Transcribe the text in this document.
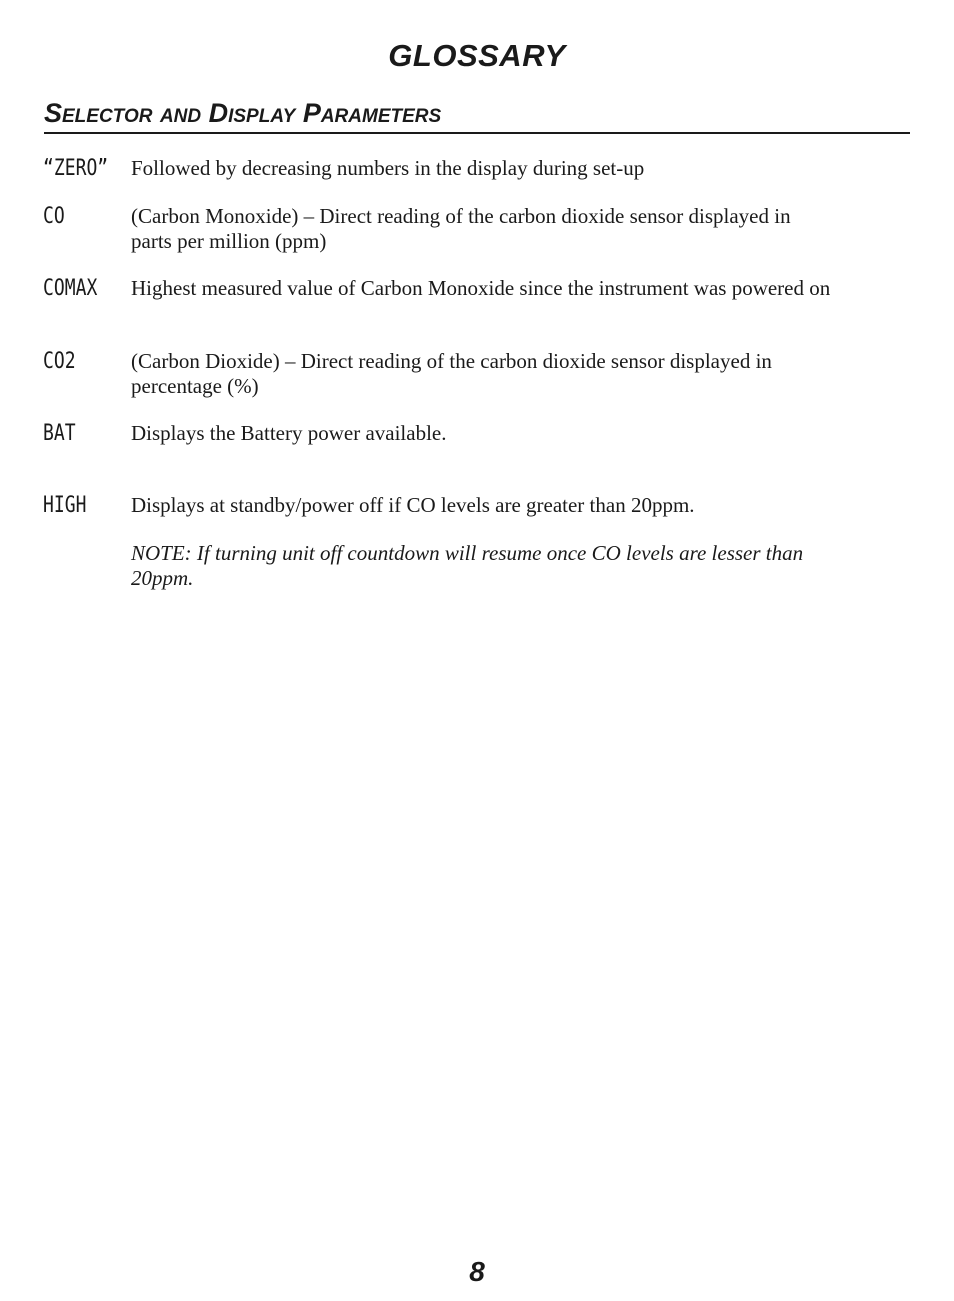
GLOSSARY
Selector and Display Parameters
“ZERO” Followed by decreasing numbers in the display during set-up
CO	(Carbon Monoxide) – Direct reading of the carbon dioxide sensor displayed in parts per million (ppm)
COMAX Highest measured value of Carbon Monoxide since the instrument was powered on
CO2	(Carbon Dioxide) – Direct reading of the carbon dioxide sensor displayed in percentage (%)
BAT	Displays the Battery power available.
HIGH Displays at standby/power off if CO levels are greater than 20ppm.
NOTE: If turning unit off countdown will resume once CO levels are lesser than 20ppm.
8
